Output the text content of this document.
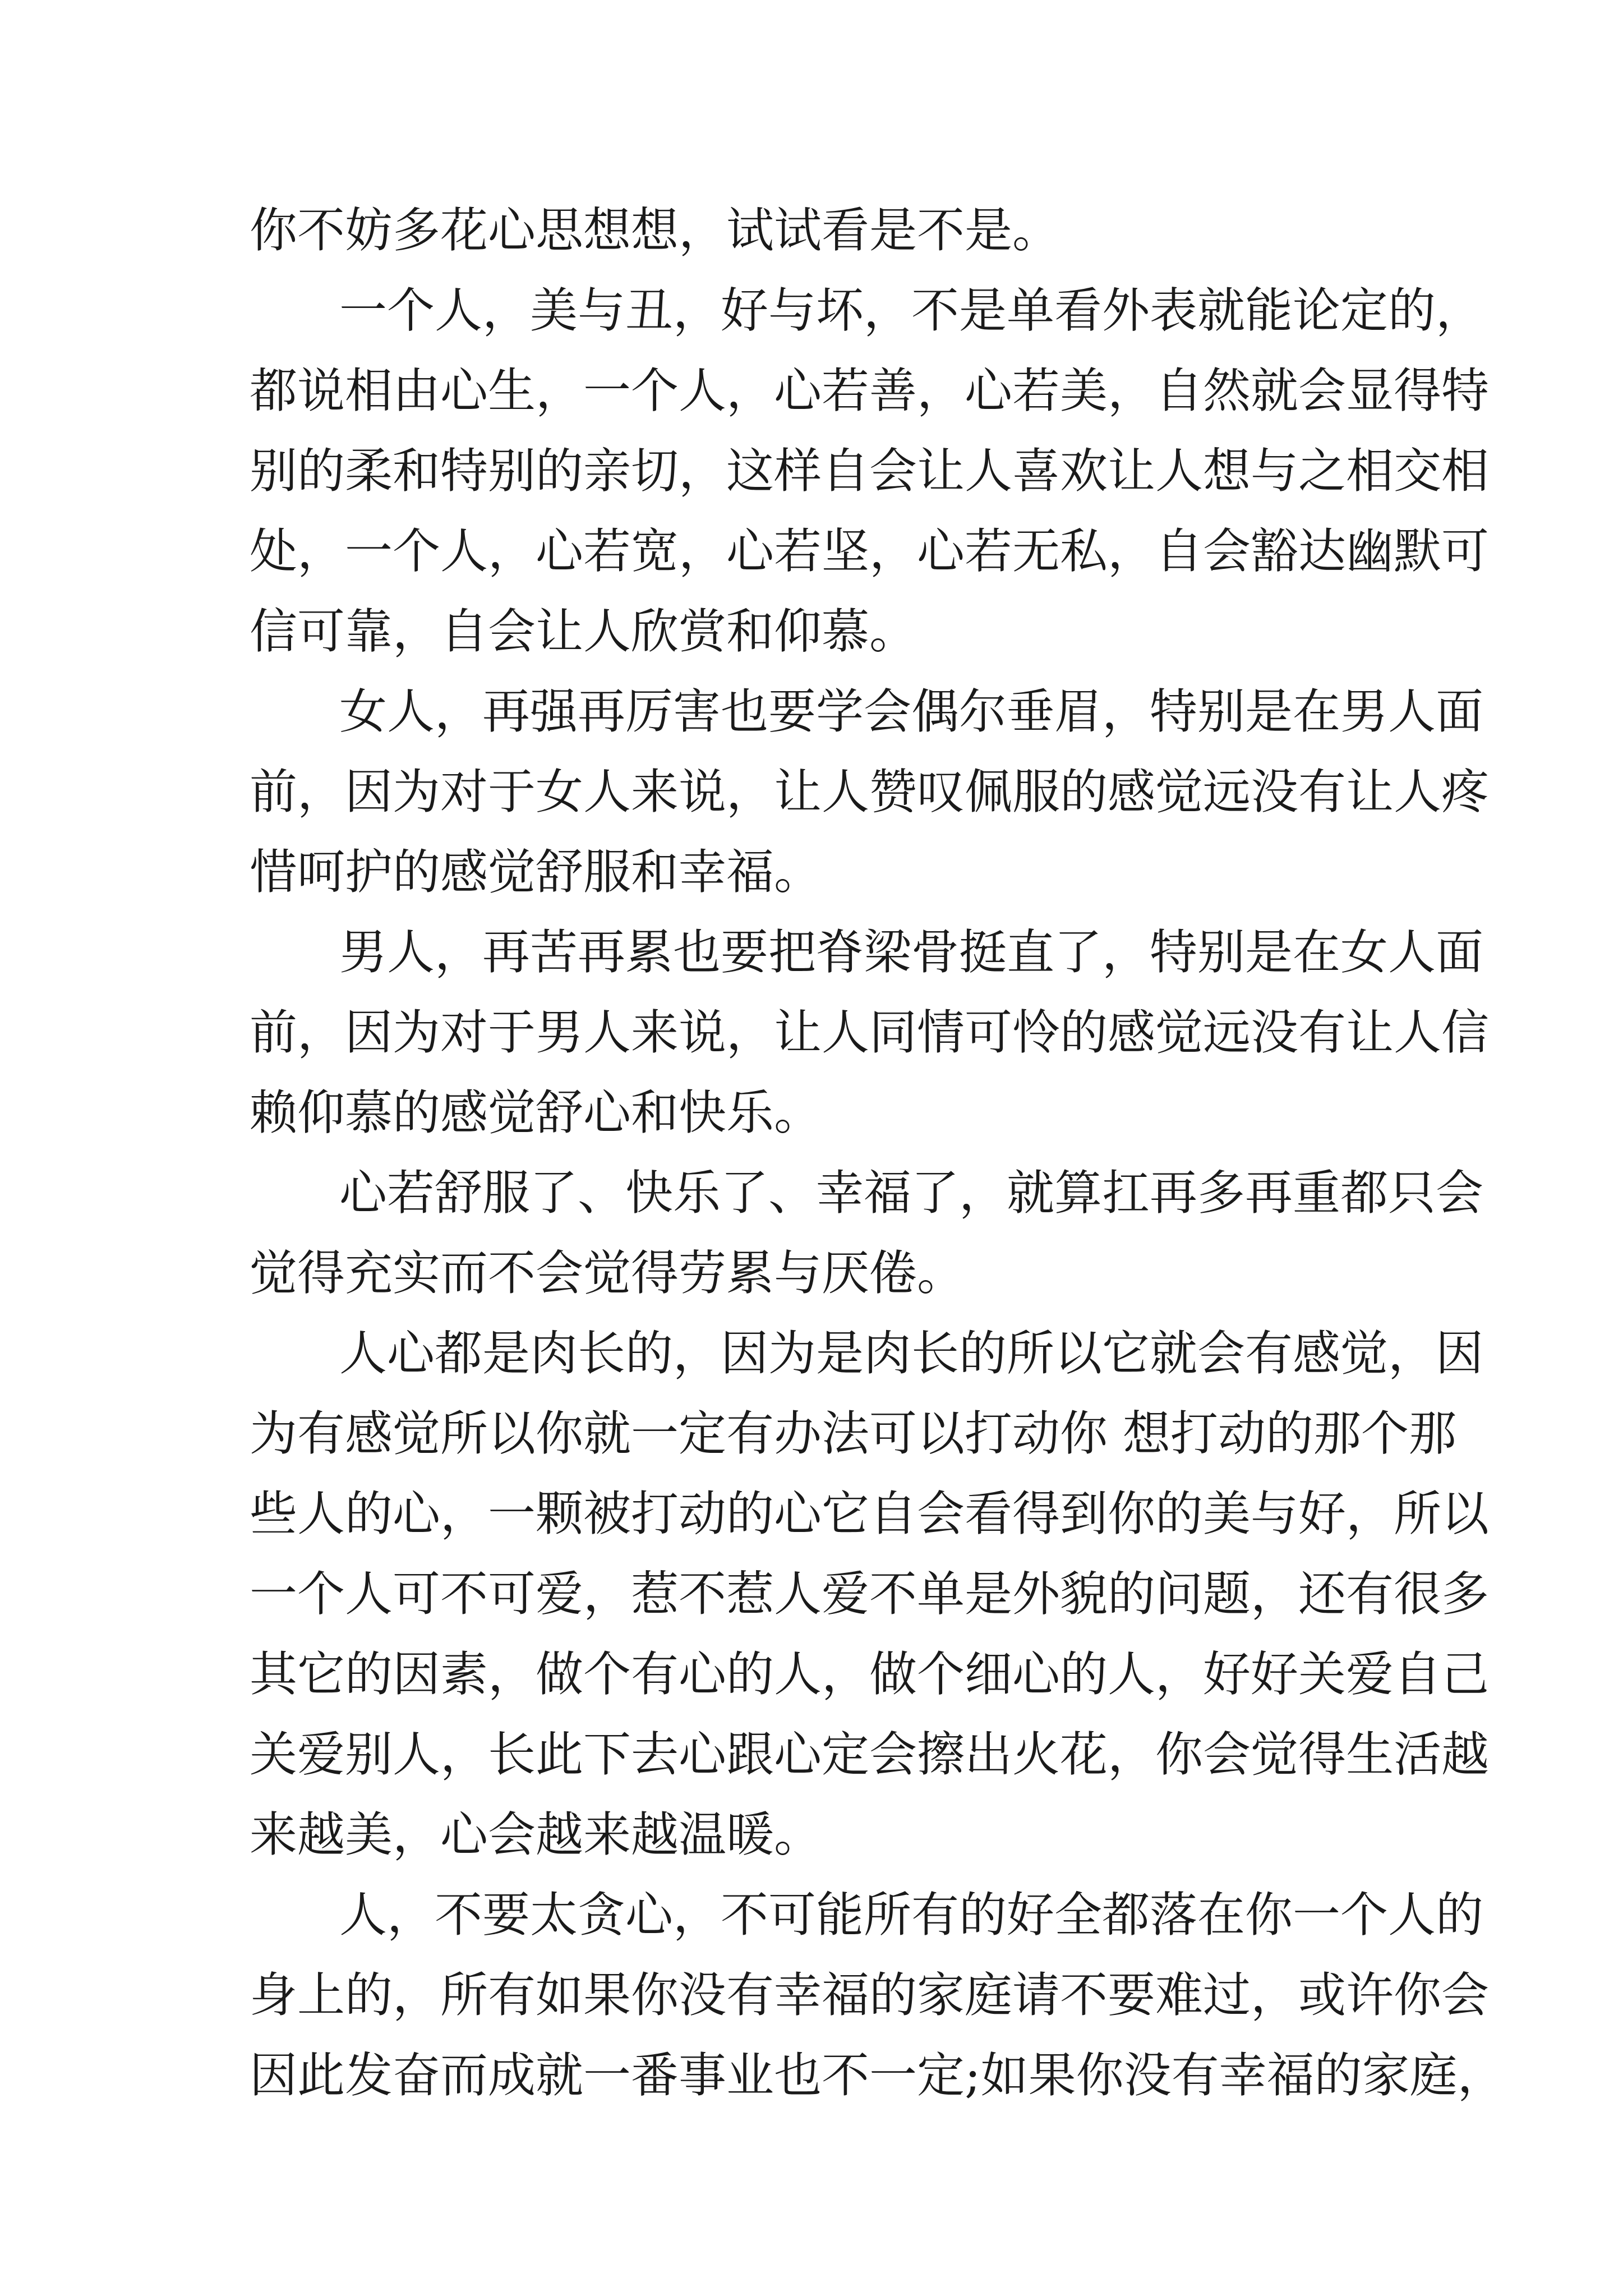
你不妨多花心思想想，试试看是不是。
一个人，美与丑，好与坏，不是单看外表就能论定的，
都说相由心生，一个人，心若善，心若美，自然就会显得特
别的柔和特别的亲切，这样自会让人喜欢让人想与之相交相
处，一个人，心若宽，心若坚，心若无私，自会豁达幽默可
信可靠，自会让人欣赏和仰慕。
女人，再强再厉害也要学会偶尔垂眉，特别是在男人面
前，因为对于女人来说，让人赞叹佩服的感觉远没有让人疼
惜呵护的感觉舒服和幸福。
男人，再苦再累也要把脊梁骨挺直了，特别是在女人面
前，因为对于男人来说，让人同情可怜的感觉远没有让人信
赖仰慕的感觉舒心和快乐。
心若舒服了、快乐了、幸福了，就算扛再多再重都只会
觉得充实而不会觉得劳累与厌倦。
人心都是肉长的，因为是肉长的所以它就会有感觉，因
为有感觉所以你就一定有办法可以打动你 想打动的那个那
些人的心，一颗被打动的心它自会看得到你的美与好，所以
一个人可不可爱，惹不惹人爱不单是外貌的问题，还有很多
其它的因素，做个有心的人，做个细心的人，好好关爱自己
关爱别人，长此下去心跟心定会擦出火花，你会觉得生活越
来越美，心会越来越温暖。
人，不要太贪心，不可能所有的好全都落在你一个人的
身上的，所有如果你没有幸福的家庭请不要难过，或许你会
因此发奋而成就一番事业也不一定;如果你没有幸福的家庭，
